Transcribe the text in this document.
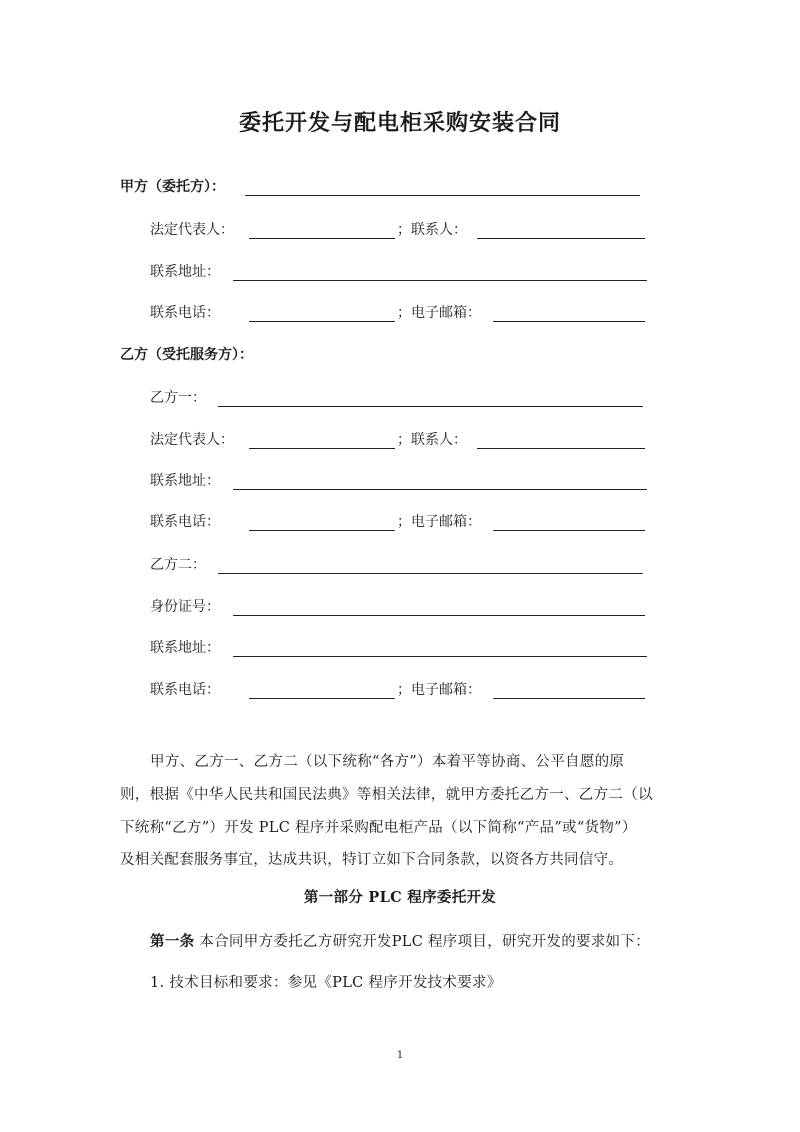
委托开发与配电柜采购安装合同
甲方（委托方）：
法定代表人：	；联系人：
联系地址：
联系电话：	；电子邮箱：
乙方（受托服务方）：
乙方一：
法定代表人：	；联系人：
联系地址：
联系电话：	；电子邮箱：
乙方二：
身份证号：
联系地址：
联系电话：	；电子邮箱：
甲方、乙方一、乙方二（以下统称“各方”）本着平等协商、公平自愿的原
则，根据《中华人民共和国民法典》等相关法律，就甲方委托乙方一、乙方二（以
下统称“乙方”）开发 PLC 程序并采购配电柜产品（以下简称“产品”或“货物”）
及相关配套服务事宜，达成共识，特订立如下合同条款，以资各方共同信守。
第一部分 PLC 程序委托开发
第一条 本合同甲方委托乙方研究开发PLC 程序项目，研究开发的要求如下：
1. 技术目标和要求：参见《PLC 程序开发技术要求》
1
